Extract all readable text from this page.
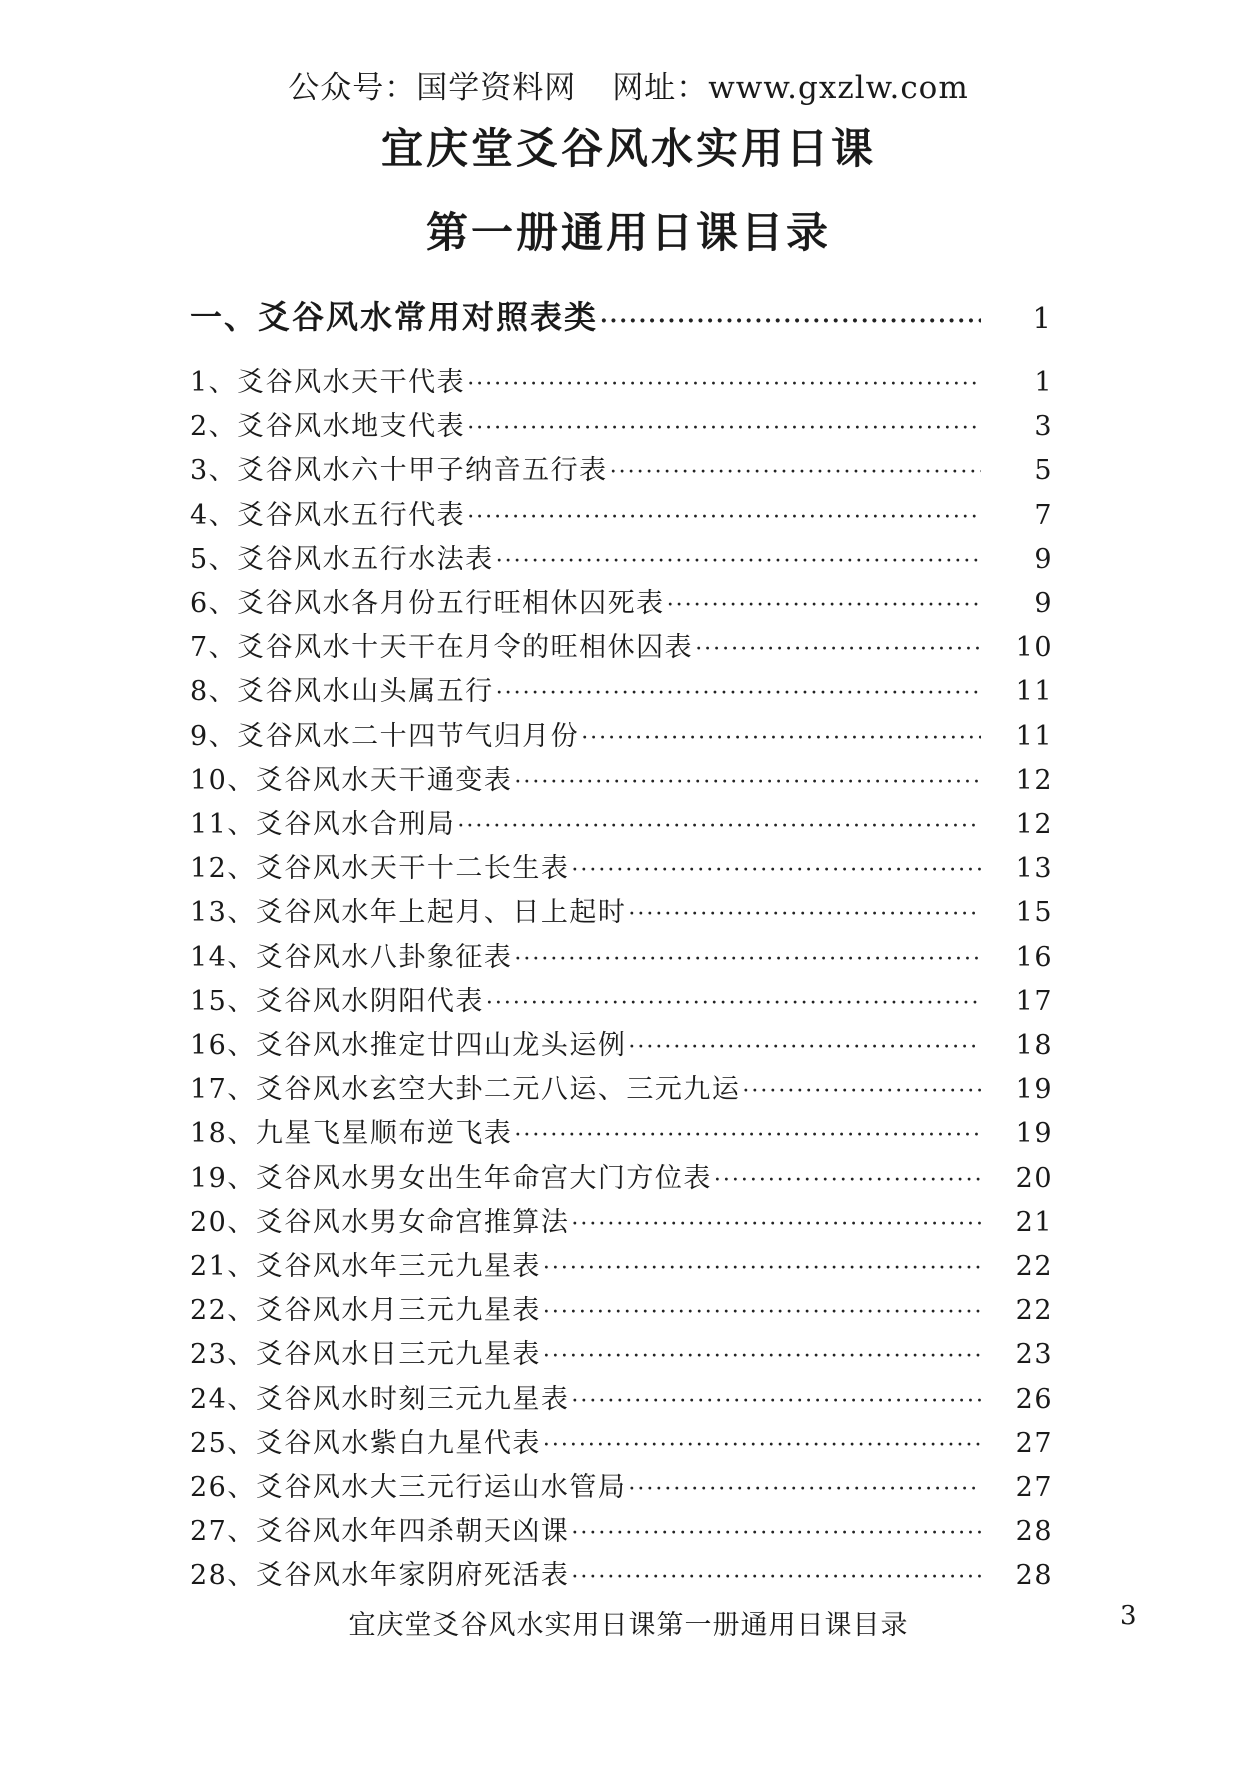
公众号：国学资料网 网址：www.gxzlw.com
宜庆堂爻谷风水实用日课
第一册通用日课目录
一、爻谷风水常用对照表类 ·····	1
1、爻谷风水天干代表 ·····	1
2、爻谷风水地支代表 ·····	3
3、爻谷风水六十甲子纳音五行表 ·····	5
4、爻谷风水五行代表 ·····	7
5、爻谷风水五行水法表 ·····	9
6、爻谷风水各月份五行旺相休囚死表 ·····	9
7、爻谷风水十天干在月令的旺相休囚表 ·····	10
8、爻谷风水山头属五行 ·····	11
9、爻谷风水二十四节气归月份 ·····	11
10、爻谷风水天干通变表 ·····	12
11、爻谷风水合刑局 ·····	12
12、爻谷风水天干十二长生表 ·····	13
13、爻谷风水年上起月、日上起时 ·····	15
14、爻谷风水八卦象征表 ·····	16
15、爻谷风水阴阳代表 ·····	17
16、爻谷风水推定廿四山龙头运例 ·····	18
17、爻谷风水玄空大卦二元八运、三元九运 ·····	19
18、九星飞星顺布逆飞表 ·····	19
19、爻谷风水男女出生年命宫大门方位表 ·····	20
20、爻谷风水男女命宫推算法 ·····	21
21、爻谷风水年三元九星表 ·····	22
22、爻谷风水月三元九星表 ·····	22
23、爻谷风水日三元九星表 ·····	23
24、爻谷风水时刻三元九星表 ·····	26
25、爻谷风水紫白九星代表 ·····	27
26、爻谷风水大三元行运山水管局 ·····	27
27、爻谷风水年四杀朝天凶课 ·····	28
28、爻谷风水年家阴府死活表 ·····	28
宜庆堂爻谷风水实用日课第一册通用日课目录	3
